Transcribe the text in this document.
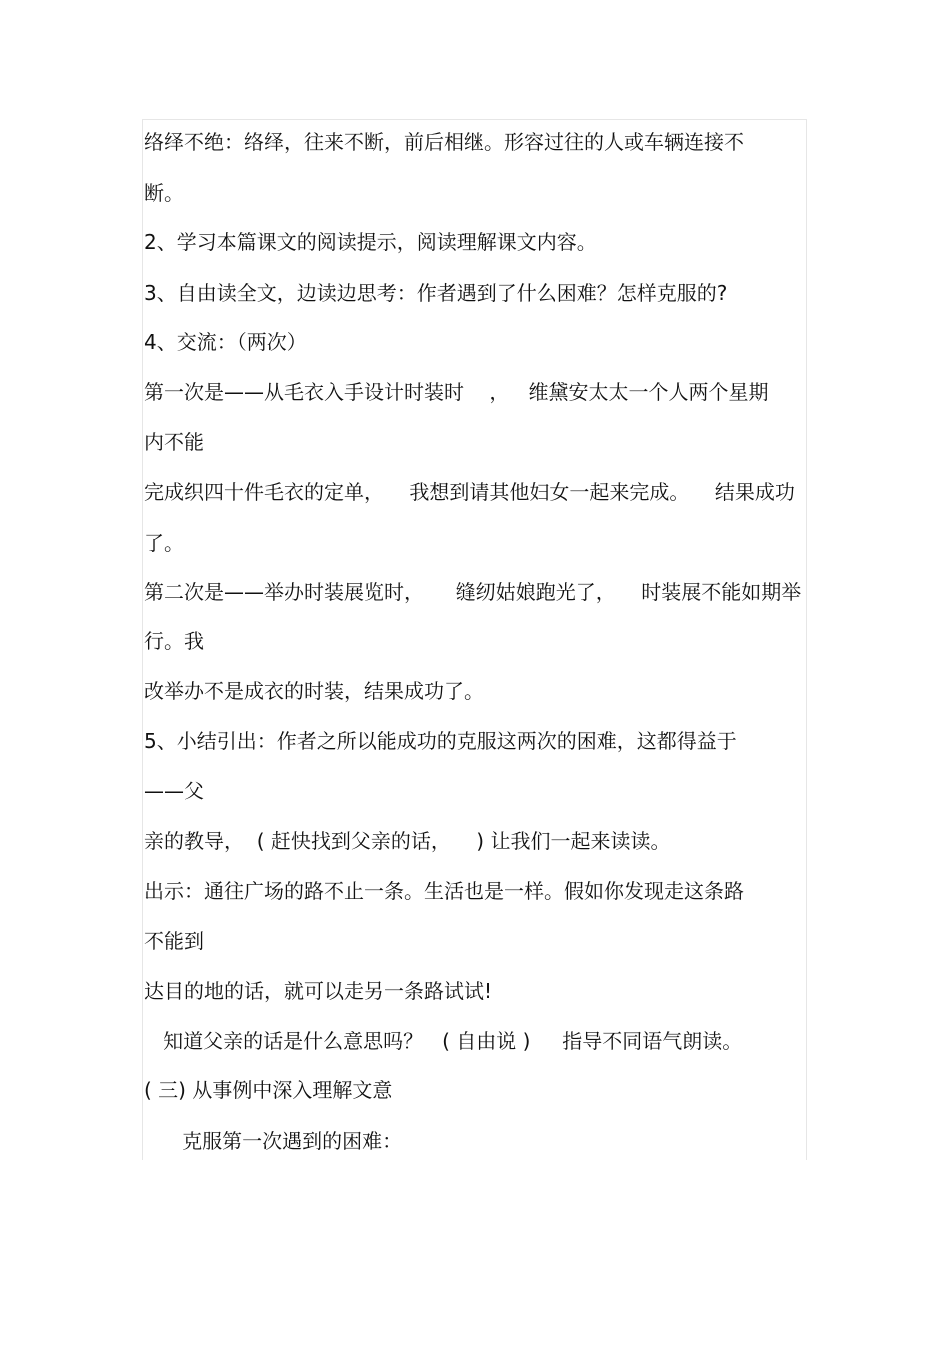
络绎不绝：络绎，往来不断，前后相继。形容过往的人或车辆连接不
断。
2、学习本篇课文的阅读提示，阅读理解课文内容。
3、自由读全文，边读边思考：作者遇到了什么困难？怎样克服的?
4、交流：（两次）
第一次是——从毛衣入手设计时装时    ，   维黛安太太一个人两个星期
内不能
完成织四十件毛衣的定单，    我想到请其他妇女一起来完成。    结果成功
了。
第二次是——举办时装展览时，     缝纫姑娘跑光了，    时装展不能如期举
行。我
改举办不是成衣的时装，结果成功了。
5、小结引出：作者之所以能成功的克服这两次的困难，这都得益于
——父
亲的教导，  ( 赶快找到父亲的话，    ) 让我们一起来读读。
出示：通往广场的路不止一条。生活也是一样。假如你发现走这条路
不能到
达目的地的话，就可以走另一条路试试!
知道父亲的话是什么意思吗？   ( 自由说 )     指导不同语气朗读。
( 三) 从事例中深入理解文意
克服第一次遇到的困难：
